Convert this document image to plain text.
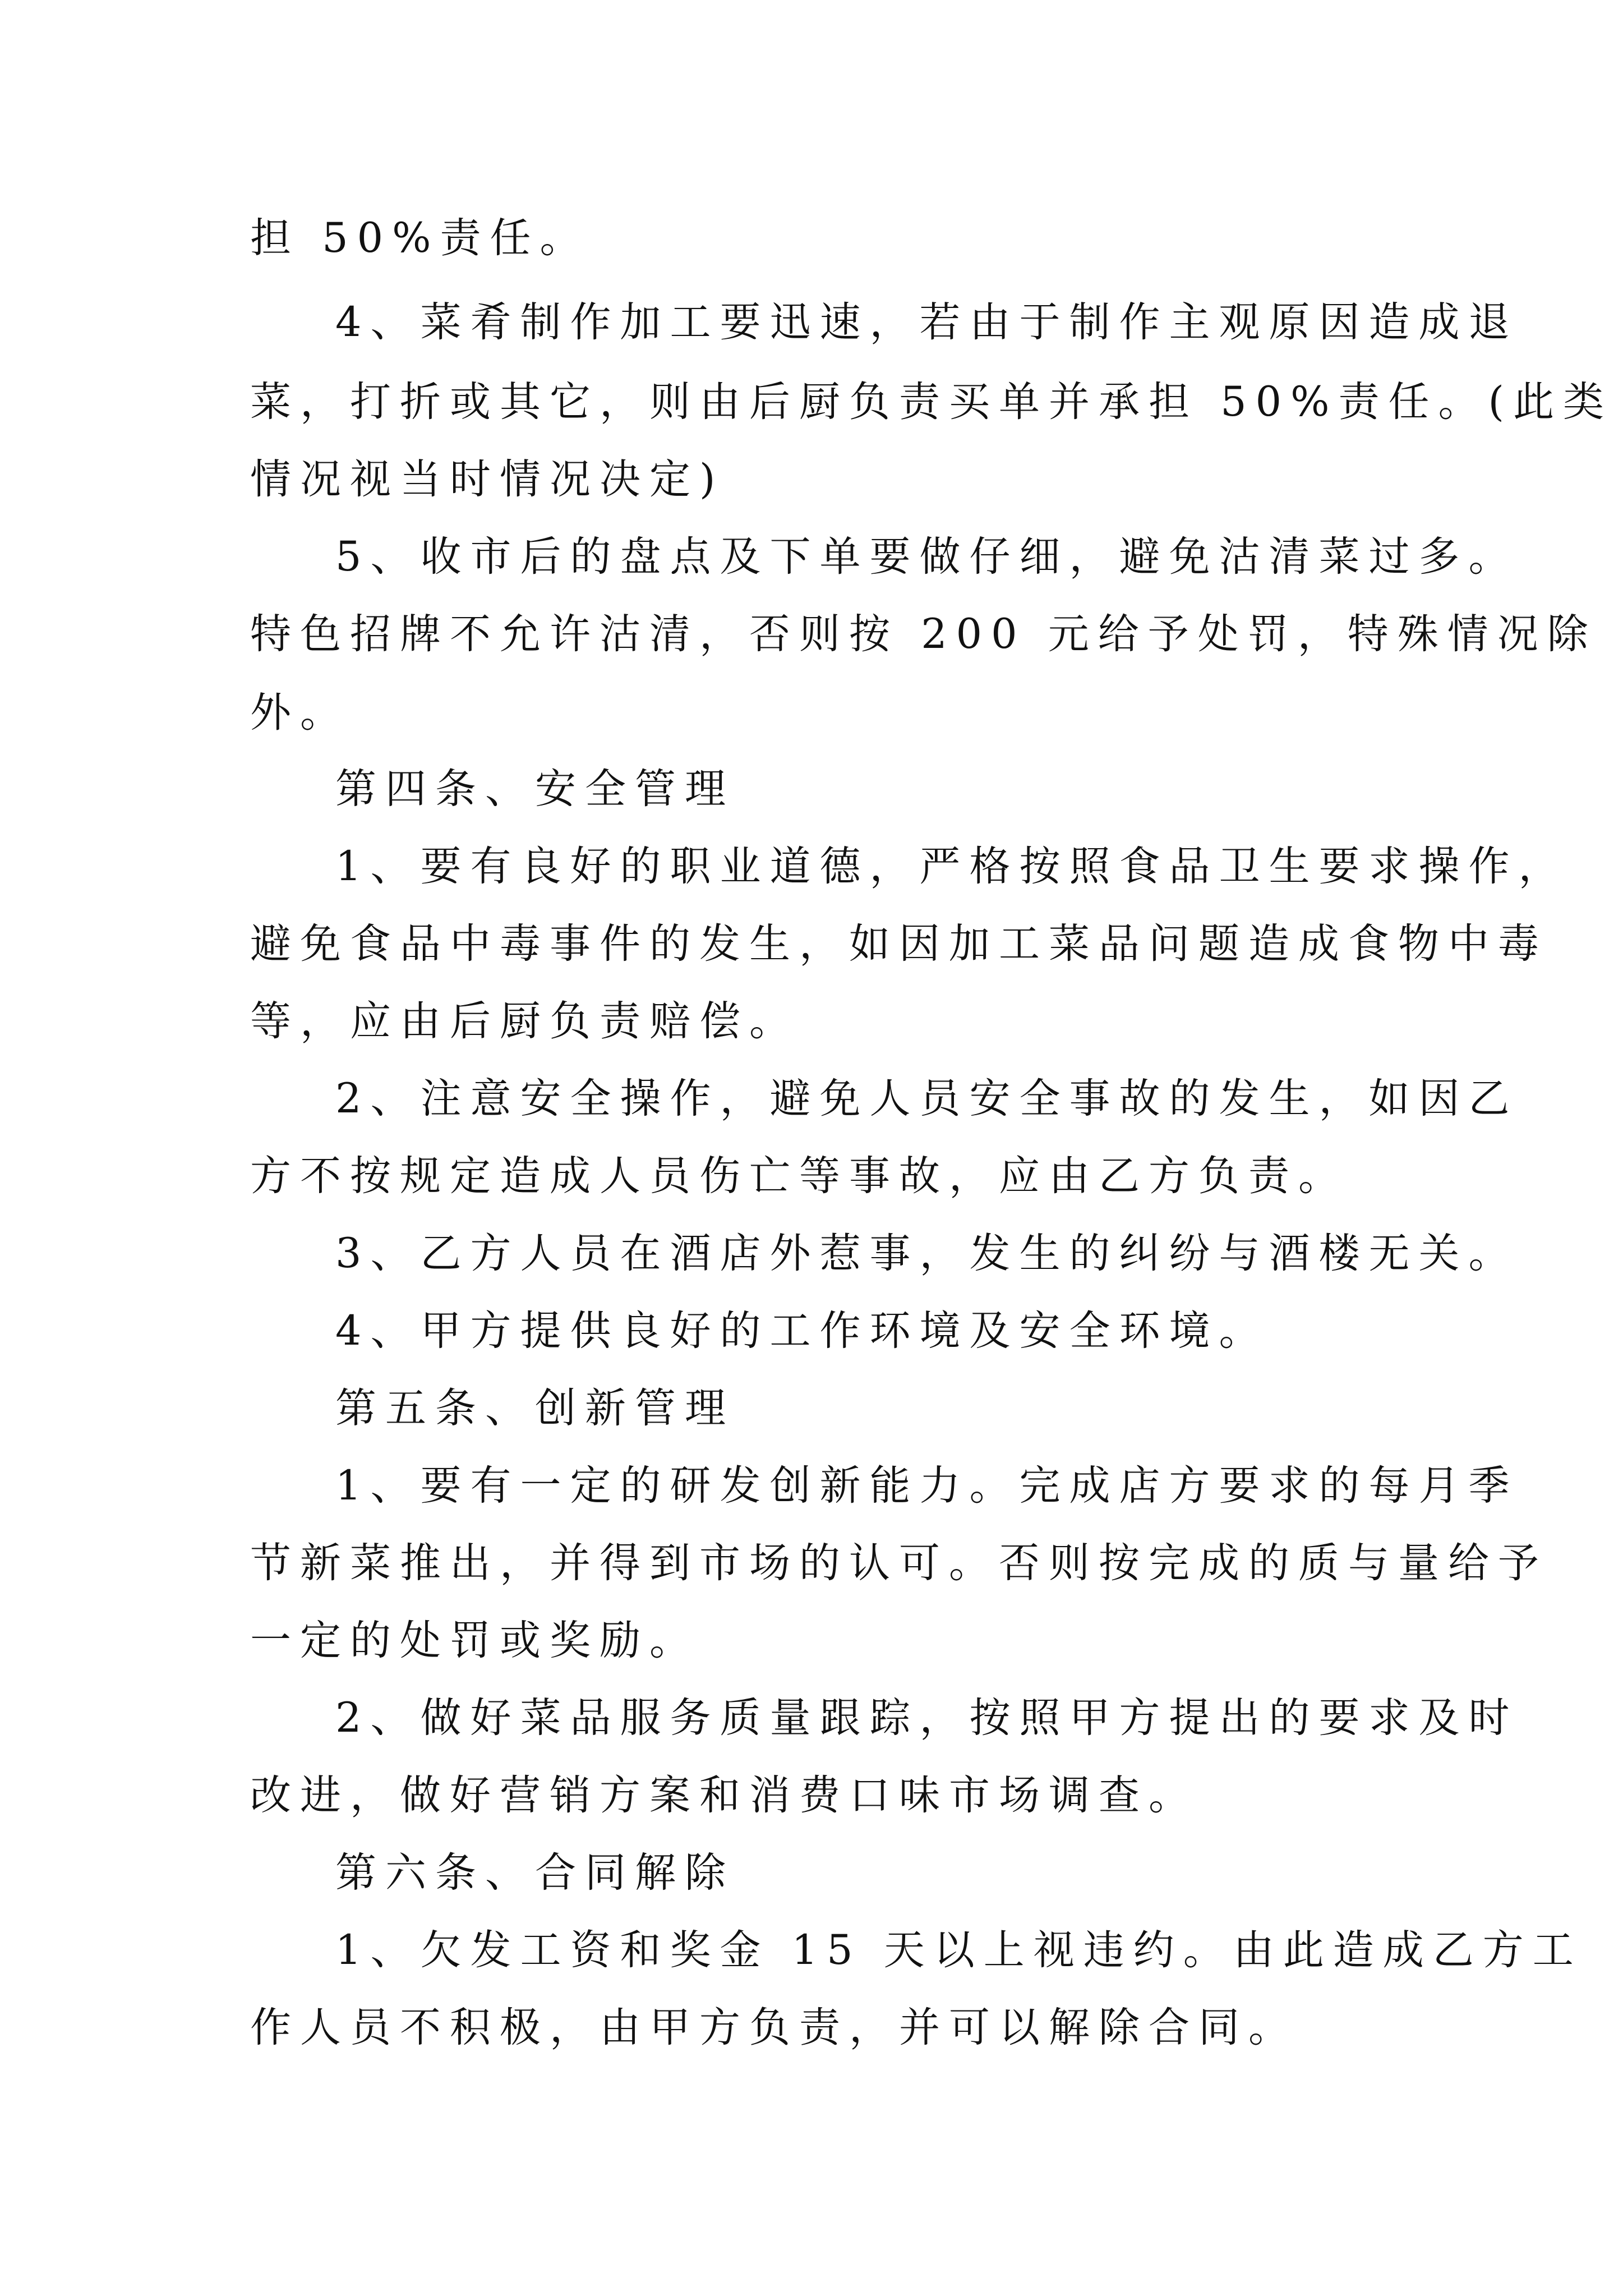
担 50%责任。
4、菜肴制作加工要迅速，若由于制作主观原因造成退
菜，打折或其它，则由后厨负责买单并承担 50%责任。(此类
情况视当时情况决定)
5、收市后的盘点及下单要做仔细，避免沽清菜过多。
特色招牌不允许沽清，否则按 200 元给予处罚，特殊情况除
外。
第四条、安全管理
1、要有良好的职业道德，严格按照食品卫生要求操作，
避免食品中毒事件的发生，如因加工菜品问题造成食物中毒
等，应由后厨负责赔偿。
2、注意安全操作，避免人员安全事故的发生，如因乙
方不按规定造成人员伤亡等事故，应由乙方负责。
3、乙方人员在酒店外惹事，发生的纠纷与酒楼无关。
4、甲方提供良好的工作环境及安全环境。
第五条、创新管理
1、要有一定的研发创新能力。完成店方要求的每月季
节新菜推出，并得到市场的认可。否则按完成的质与量给予
一定的处罚或奖励。
2、做好菜品服务质量跟踪，按照甲方提出的要求及时
改进，做好营销方案和消费口味市场调查。
第六条、合同解除
1、欠发工资和奖金 15 天以上视违约。由此造成乙方工
作人员不积极，由甲方负责，并可以解除合同。
